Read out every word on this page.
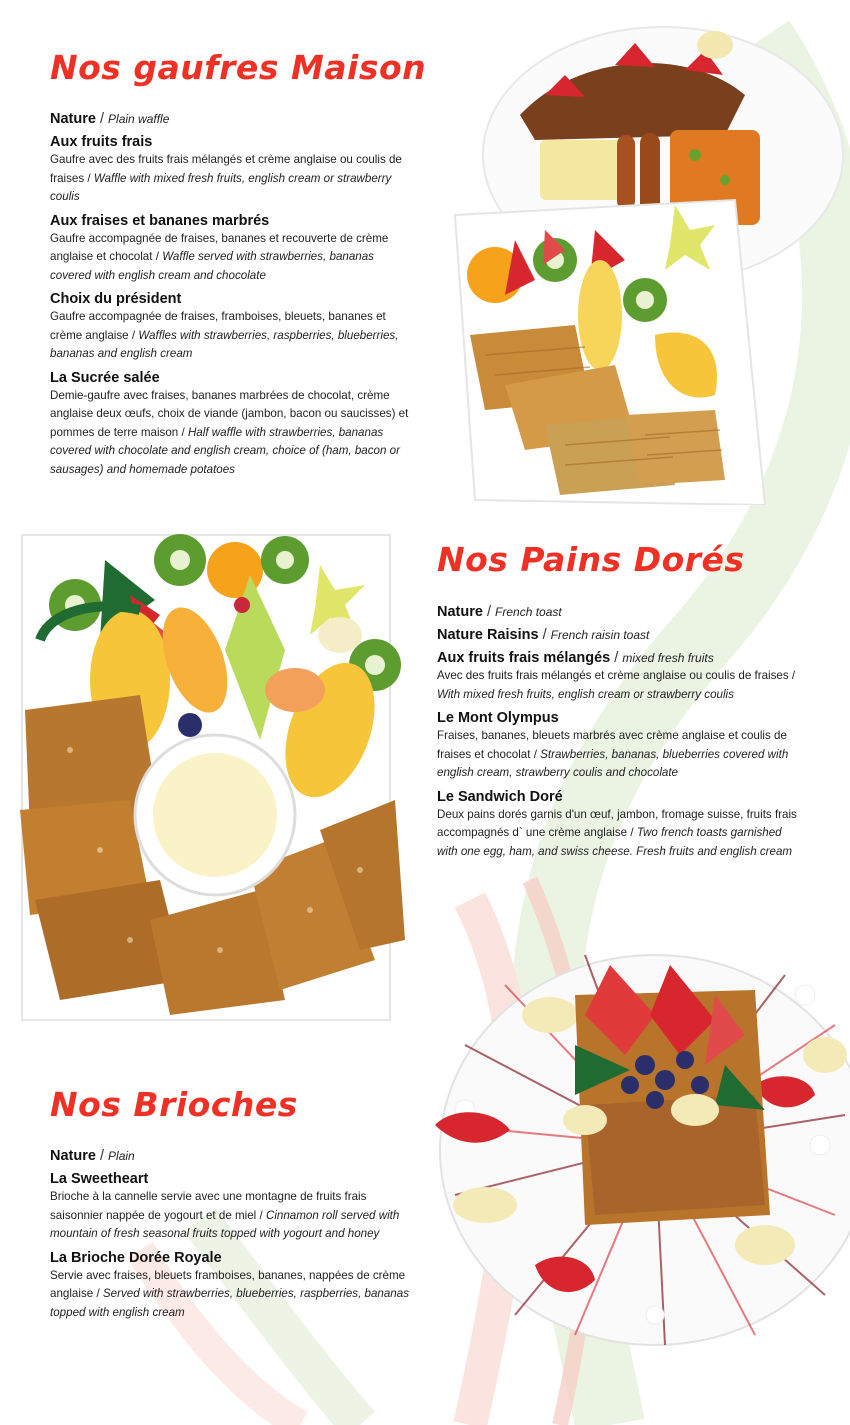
Nos gaufres Maison
Nature / Plain waffle
Aux fruits frais
Gaufre avec des fruits frais mélangés et crème anglaise ou coulis de fraises / Waffle with mixed fresh fruits, english cream or strawberry coulis
Aux fraises et bananes marbrés
Gaufre accompagnée de fraises, bananes et recouverte de crème anglaise et chocolat / Waffle served with strawberries, bananas covered with english cream and chocolate
Choix du président
Gaufre accompagnée de fraises, framboises, bleuets, bananes et crème anglaise / Waffles with strawberries, raspberries, blueberries, bananas and english cream
La Sucrée salée
Demie-gaufre avec fraises, bananes marbrées de chocolat, crème anglaise deux œufs, choix de viande (jambon, bacon ou saucisses) et pommes de terre maison / Half waffle with strawberries, bananas covered with chocolate and english cream, choice of (ham, bacon or sausages) and homemade potatoes
Nos Pains Dorés
Nature / French toast
Nature Raisins / French raisin toast
Aux fruits frais mélangés / mixed fresh fruits
Avec des fruits frais mélangés et crème anglaise ou coulis de fraises / With mixed fresh fruits, english cream or strawberry coulis
Le Mont Olympus
Fraises, bananes, bleuets marbrés avec crème anglaise et coulis de fraises et chocolat / Strawberries, bananas, blueberries covered with english cream, strawberry coulis and chocolate
Le Sandwich Doré
Deux pains dorés garnis d'un œuf, jambon, fromage suisse, fruits frais accompagnés d` une crème anglaise / Two french toasts garnished with one egg, ham, and swiss cheese. Fresh fruits and english cream
Nos Brioches
Nature / Plain
La Sweetheart
Brioche à la cannelle servie avec une montagne de fruits frais saisonnier nappée de yogourt et de miel / Cinnamon roll served with mountain of fresh seasonal fruits topped with yogourt and honey
La Brioche Dorée Royale
Servie avec fraises, bleuets framboises, bananes, nappées de crème anglaise / Served with strawberries, blueberries, raspberries, bananas topped with english cream
